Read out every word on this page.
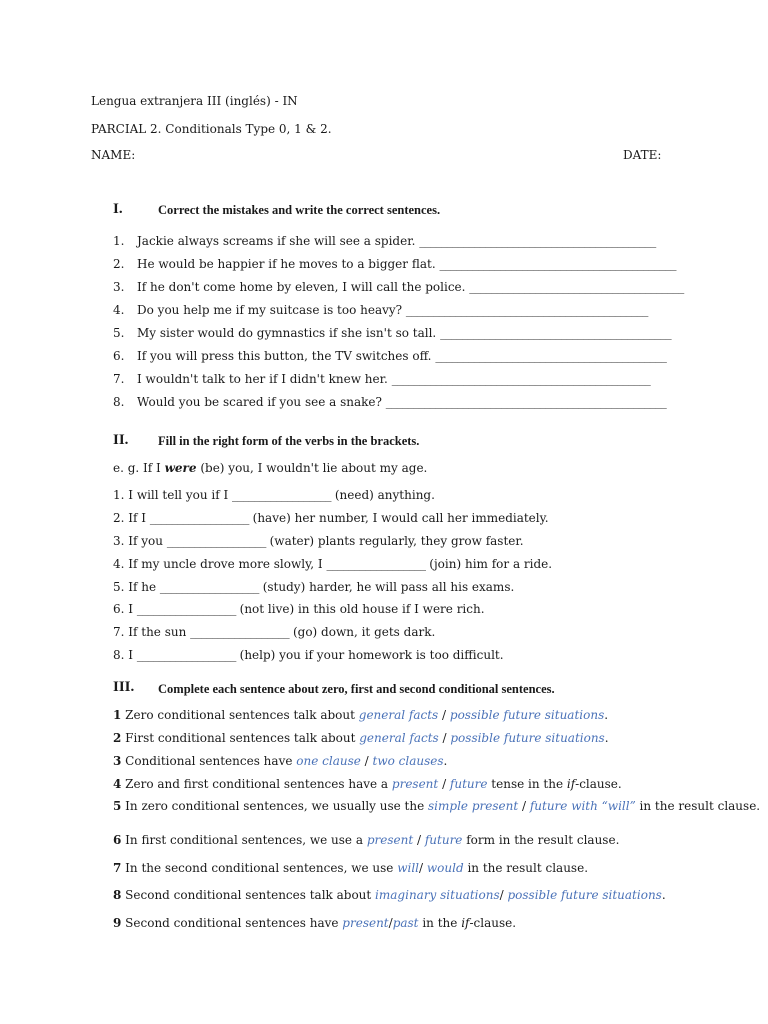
Lengua extranjera III (inglés) - IN
PARCIAL 2. Conditionals Type 0, 1 & 2.
NAME:	DATE:
I.	Correct the mistakes and write the correct sentences.
1. Jackie always screams if she will see a spider. ___________________________________________
2. He would be happier if he moves to a bigger flat. ___________________________________________
3. If he don't come home by eleven, I will call the police. _______________________________________
4. Do you help me if my suitcase is too heavy? ____________________________________________
5. My sister would do gymnastics if she isn't so tall. __________________________________________
6. If you will press this button, the TV switches off. __________________________________________
7. I wouldn't talk to her if I didn't knew her. _______________________________________________
8. Would you be scared if you see a snake? ___________________________________________________
II. Fill in the right form of the verbs in the brackets.
e. g. If I were (be) you, I wouldn't lie about my age.
1. I will tell you if I __________________ (need) anything.
2. If I __________________ (have) her number, I would call her immediately.
3. If you __________________ (water) plants regularly, they grow faster.
4. If my uncle drove more slowly, I __________________ (join) him for a ride.
5. If he __________________ (study) harder, he will pass all his exams.
6. I __________________ (not live) in this old house if I were rich.
7. If the sun __________________ (go) down, it gets dark.
8. I __________________ (help) you if your homework is too difficult.
III. Complete each sentence about zero, first and second conditional sentences.
1 Zero conditional sentences talk about general facts / possible future situations.
2 First conditional sentences talk about general facts / possible future situations.
3 Conditional sentences have one clause / two clauses.
4 Zero and first conditional sentences have a present / future tense in the if-clause.
5 In zero conditional sentences, we usually use the simple present / future with “will” in the result clause.
6 In first conditional sentences, we use a present / future form in the result clause.
7 In the second conditional sentences, we use will/ would in the result clause.
8 Second conditional sentences talk about imaginary situations/ possible future situations.
9 Second conditional sentences have present/past in the if-clause.
